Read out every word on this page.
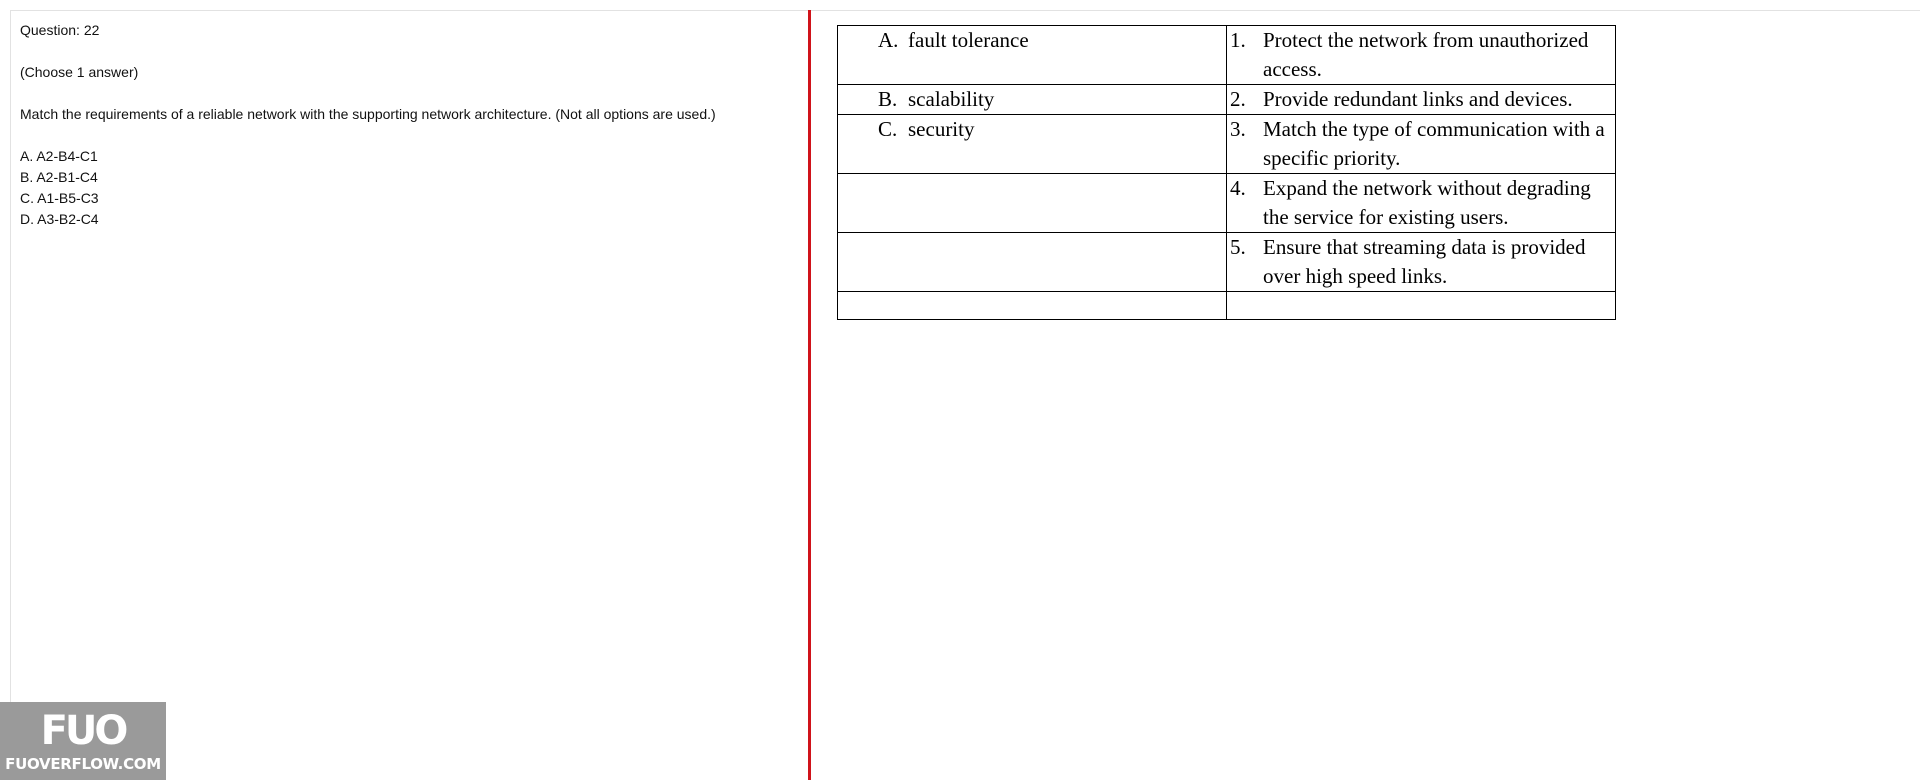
Question: 22

(Choose 1 answer)

Match the requirements of a reliable network with the supporting network architecture. (Not all options are used.)

A. A2-B4-C1

B. A2-B1-C4

C. A1-B5-C3

D. A3-B2-C4

A. fault tolerance	1. Protect the network from unauthorized access.

B. scalability	2. Provide redundant links and devices.

C. security	3. Match the type of communication with a specific priority.

	4. Expand the network without degrading the service for existing users.

	5. Ensure that streaming data is provided over high speed links.

FUO
FUOVERFLOW.COM
